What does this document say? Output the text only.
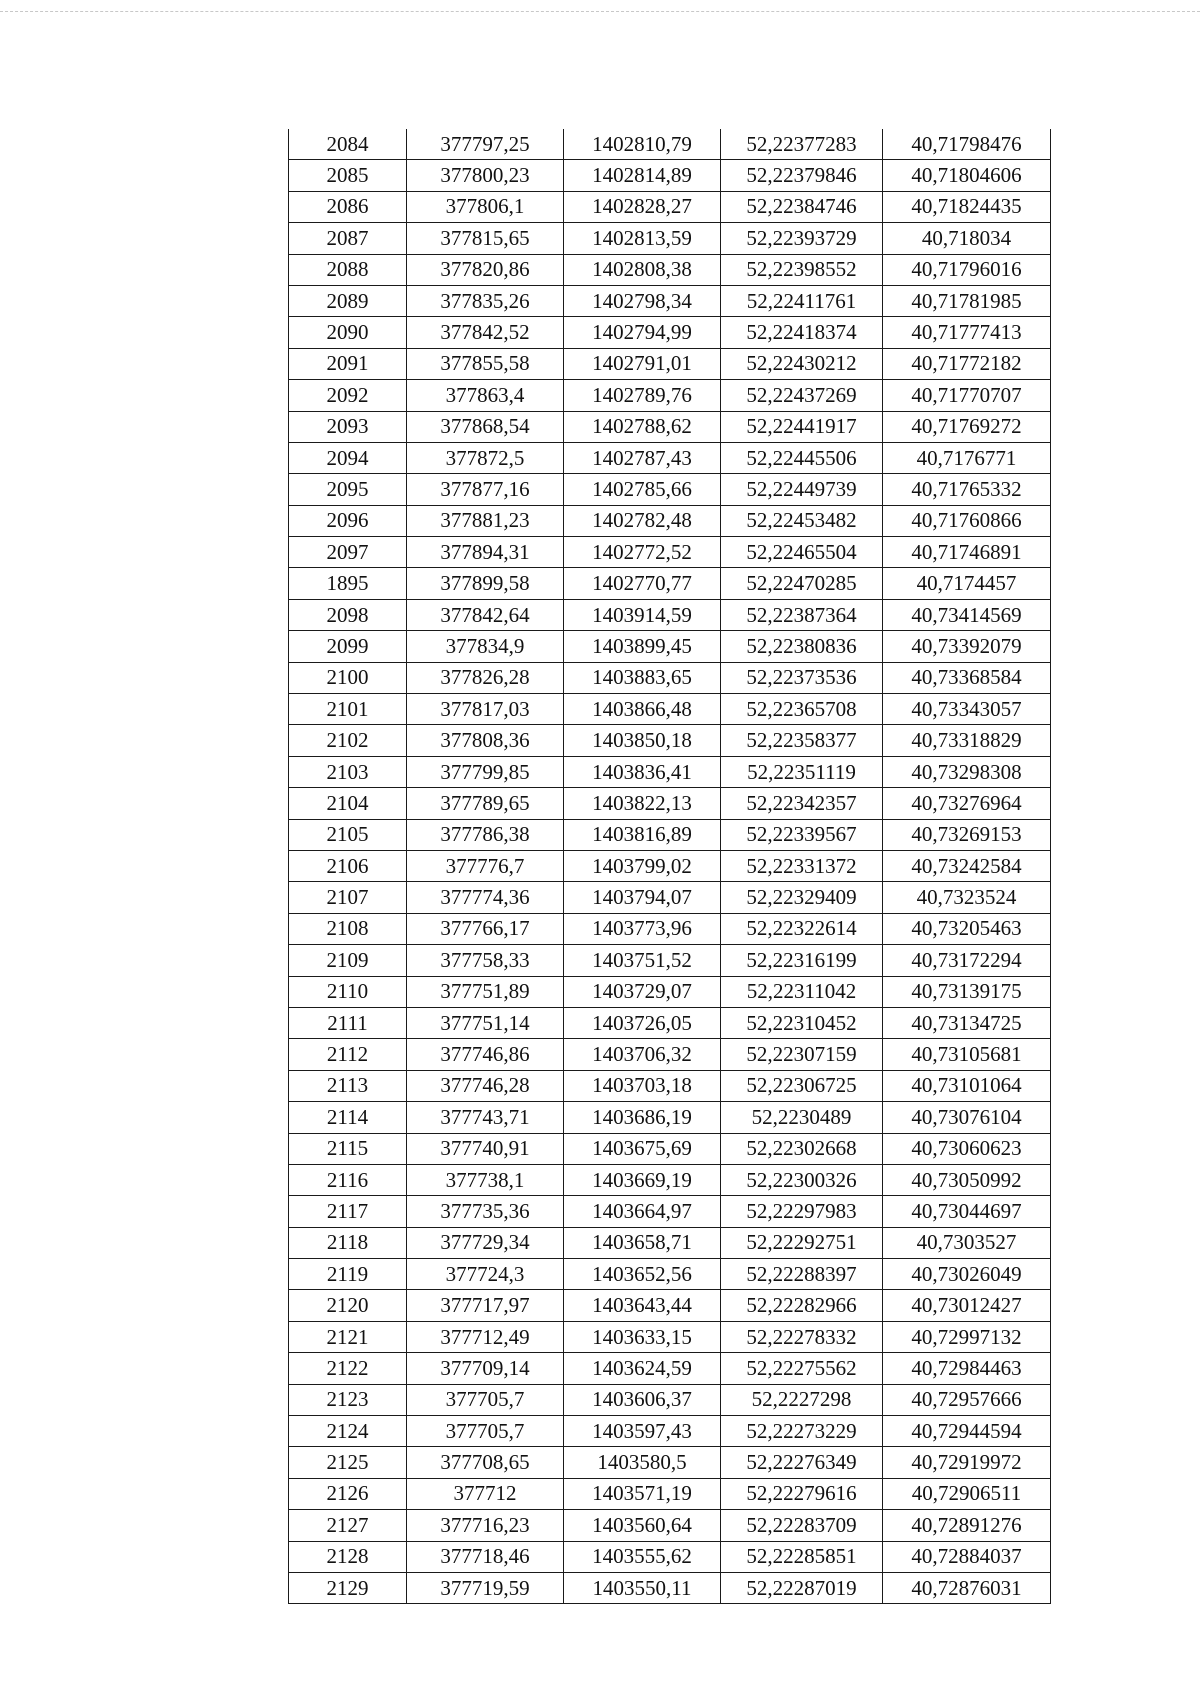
2084	377797,25	1402810,79	52,22377283	40,71798476
2085	377800,23	1402814,89	52,22379846	40,71804606
2086	377806,1	1402828,27	52,22384746	40,71824435
2087	377815,65	1402813,59	52,22393729	40,718034
2088	377820,86	1402808,38	52,22398552	40,71796016
2089	377835,26	1402798,34	52,22411761	40,71781985
2090	377842,52	1402794,99	52,22418374	40,71777413
2091	377855,58	1402791,01	52,22430212	40,71772182
2092	377863,4	1402789,76	52,22437269	40,71770707
2093	377868,54	1402788,62	52,22441917	40,71769272
2094	377872,5	1402787,43	52,22445506	40,7176771
2095	377877,16	1402785,66	52,22449739	40,71765332
2096	377881,23	1402782,48	52,22453482	40,71760866
2097	377894,31	1402772,52	52,22465504	40,71746891
1895	377899,58	1402770,77	52,22470285	40,7174457
2098	377842,64	1403914,59	52,22387364	40,73414569
2099	377834,9	1403899,45	52,22380836	40,73392079
2100	377826,28	1403883,65	52,22373536	40,73368584
2101	377817,03	1403866,48	52,22365708	40,73343057
2102	377808,36	1403850,18	52,22358377	40,73318829
2103	377799,85	1403836,41	52,22351119	40,73298308
2104	377789,65	1403822,13	52,22342357	40,73276964
2105	377786,38	1403816,89	52,22339567	40,73269153
2106	377776,7	1403799,02	52,22331372	40,73242584
2107	377774,36	1403794,07	52,22329409	40,7323524
2108	377766,17	1403773,96	52,22322614	40,73205463
2109	377758,33	1403751,52	52,22316199	40,73172294
2110	377751,89	1403729,07	52,22311042	40,73139175
2111	377751,14	1403726,05	52,22310452	40,73134725
2112	377746,86	1403706,32	52,22307159	40,73105681
2113	377746,28	1403703,18	52,22306725	40,73101064
2114	377743,71	1403686,19	52,2230489	40,73076104
2115	377740,91	1403675,69	52,22302668	40,73060623
2116	377738,1	1403669,19	52,22300326	40,73050992
2117	377735,36	1403664,97	52,22297983	40,73044697
2118	377729,34	1403658,71	52,22292751	40,7303527
2119	377724,3	1403652,56	52,22288397	40,73026049
2120	377717,97	1403643,44	52,22282966	40,73012427
2121	377712,49	1403633,15	52,22278332	40,72997132
2122	377709,14	1403624,59	52,22275562	40,72984463
2123	377705,7	1403606,37	52,2227298	40,72957666
2124	377705,7	1403597,43	52,22273229	40,72944594
2125	377708,65	1403580,5	52,22276349	40,72919972
2126	377712	1403571,19	52,22279616	40,72906511
2127	377716,23	1403560,64	52,22283709	40,72891276
2128	377718,46	1403555,62	52,22285851	40,72884037
2129	377719,59	1403550,11	52,22287019	40,72876031
